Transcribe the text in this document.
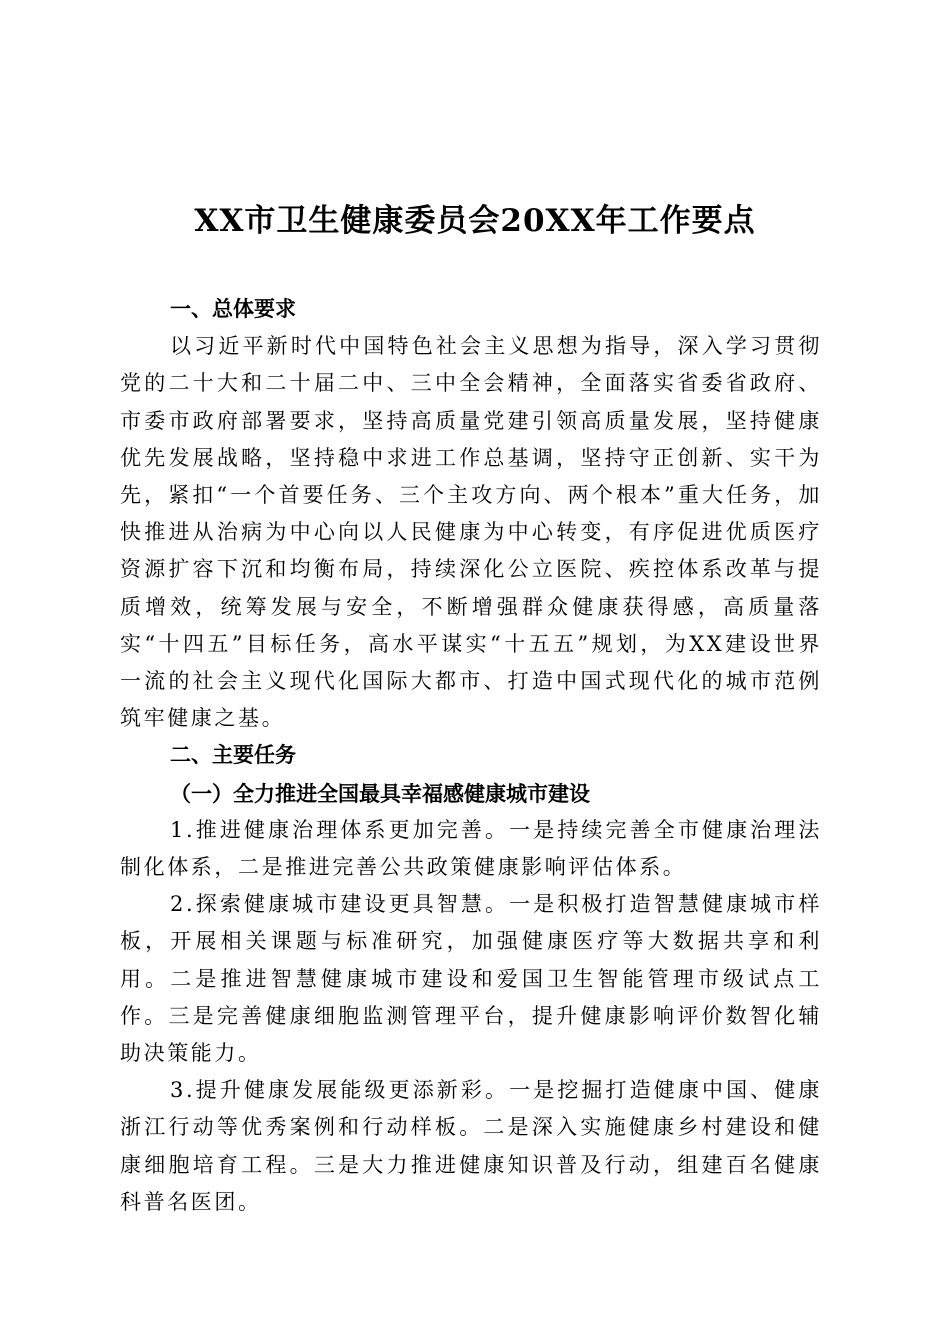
XX市卫生健康委员会20XX年工作要点

一、总体要求

以习近平新时代中国特色社会主义思想为指导，深入学习贯彻党的二十大和二十届二中、三中全会精神，全面落实省委省政府、市委市政府部署要求，坚持高质量党建引领高质量发展，坚持健康优先发展战略，坚持稳中求进工作总基调，坚持守正创新、实干为先，紧扣“一个首要任务、三个主攻方向、两个根本”重大任务，加快推进从治病为中心向以人民健康为中心转变，有序促进优质医疗资源扩容下沉和均衡布局，持续深化公立医院、疾控体系改革与提质增效，统筹发展与安全，不断增强群众健康获得感，高质量落实“十四五”目标任务，高水平谋实“十五五”规划，为XX建设世界一流的社会主义现代化国际大都市、打造中国式现代化的城市范例筑牢健康之基。

二、主要任务

（一）全力推进全国最具幸福感健康城市建设

1.推进健康治理体系更加完善。一是持续完善全市健康治理法制化体系，二是推进完善公共政策健康影响评估体系。

2.探索健康城市建设更具智慧。一是积极打造智慧健康城市样板，开展相关课题与标准研究，加强健康医疗等大数据共享和利用。二是推进智慧健康城市建设和爱国卫生智能管理市级试点工作。三是完善健康细胞监测管理平台，提升健康影响评价数智化辅助决策能力。

3.提升健康发展能级更添新彩。一是挖掘打造健康中国、健康浙江行动等优秀案例和行动样板。二是深入实施健康乡村建设和健康细胞培育工程。三是大力推进健康知识普及行动，组建百名健康科普名医团。
